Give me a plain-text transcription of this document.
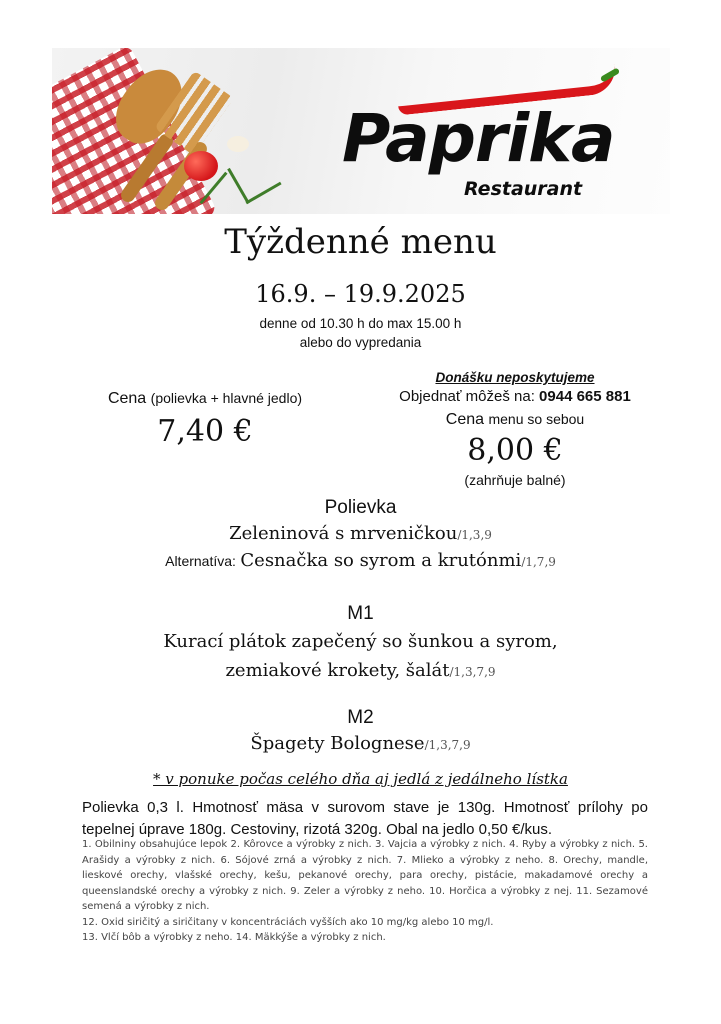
Paprika
Restaurant
Týždenné menu
16.9. – 19.9.2025
denne od 10.30 h do max 15.00 h
alebo do vypredania
Cena (polievka + hlavné jedlo)
7,40 €
Donášku neposkytujeme
Objednať môžeš na: 0944 665 881
Cena menu so sebou
8,00 €
(zahrňuje balné)
Polievka
Zeleninová s mrveničkou/1,3,9
Alternatíva: Cesnačka so syrom a krutónmi/1,7,9
M1
Kurací plátok zapečený so šunkou a syrom,
zemiakové krokety, šalát/1,3,7,9
M2
Špagety Bolognese/1,3,7,9
* v ponuke počas celého dňa aj jedlá z jedálneho lístka
Polievka 0,3 l. Hmotnosť mäsa v surovom stave je 130g. Hmotnosť prílohy po tepelnej úprave 180g. Cestoviny, rizotá 320g. Obal na jedlo 0,50 €/kus.
1. Obilniny obsahujúce lepok 2. Kôrovce a výrobky z nich. 3. Vajcia a výrobky z nich. 4. Ryby a výrobky z nich. 5. Arašidy a výrobky z nich. 6. Sójové zrná a výrobky z nich. 7. Mlieko a výrobky z neho. 8. Orechy, mandle, lieskové orechy, vlašské orechy, kešu, pekanové orechy, para orechy, pistácie, makadamové orechy a queenslandské orechy a výrobky z nich. 9. Zeler a výrobky z neho. 10. Horčica a výrobky z nej. 11. Sezamové semená a výrobky z nich.
12. Oxid siričitý a siričitany v koncentráciách vyšších ako 10 mg/kg alebo 10 mg/l.
13. Vlčí bôb a výrobky z neho. 14. Mäkkýše a výrobky z nich.
